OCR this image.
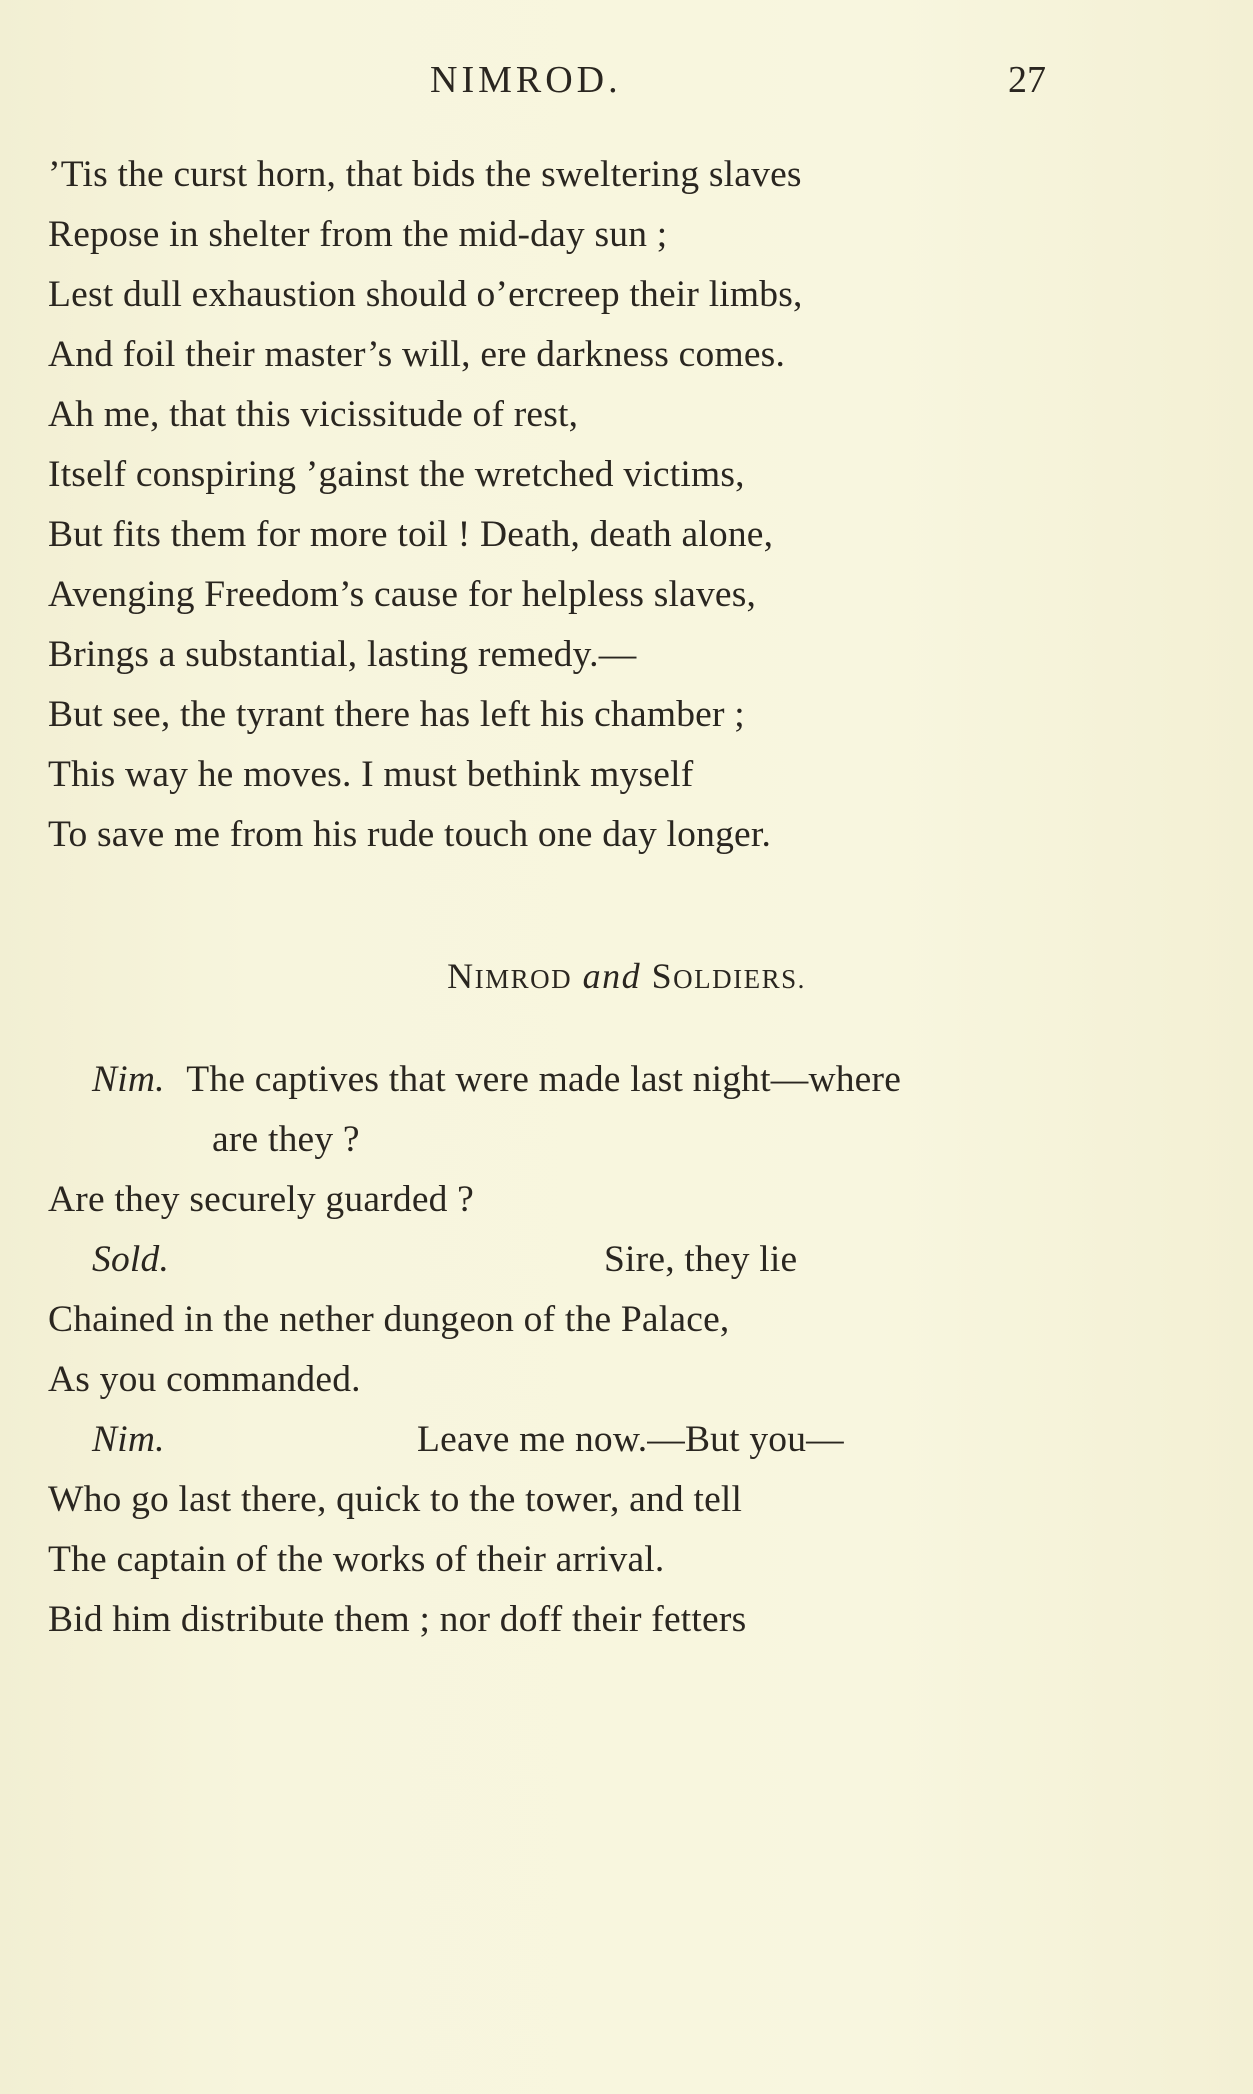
NIMROD.	27
’Tis the curst horn, that bids the sweltering slaves
Repose in shelter from the mid-day sun ;
Lest dull exhaustion should o’ercreep their limbs,
And foil their master’s will, ere darkness comes.
Ah me, that this vicissitude of rest,
Itself conspiring ’gainst the wretched victims,
But fits them for more toil ! Death, death alone,
Avenging Freedom’s cause for helpless slaves,
Brings a substantial, lasting remedy.—
But see, the tyrant there has left his chamber ;
This way he moves. I must bethink myself
To save me from his rude touch one day longer.
NIMROD and SOLDIERS.
Nim. The captives that were made last night—where
are they ?
Are they securely guarded ?
Sold.	Sire, they lie
Chained in the nether dungeon of the Palace,
As you commanded.
Nim.	Leave me now.—But you—
Who go last there, quick to the tower, and tell
The captain of the works of their arrival.
Bid him distribute them ; nor doff their fetters
